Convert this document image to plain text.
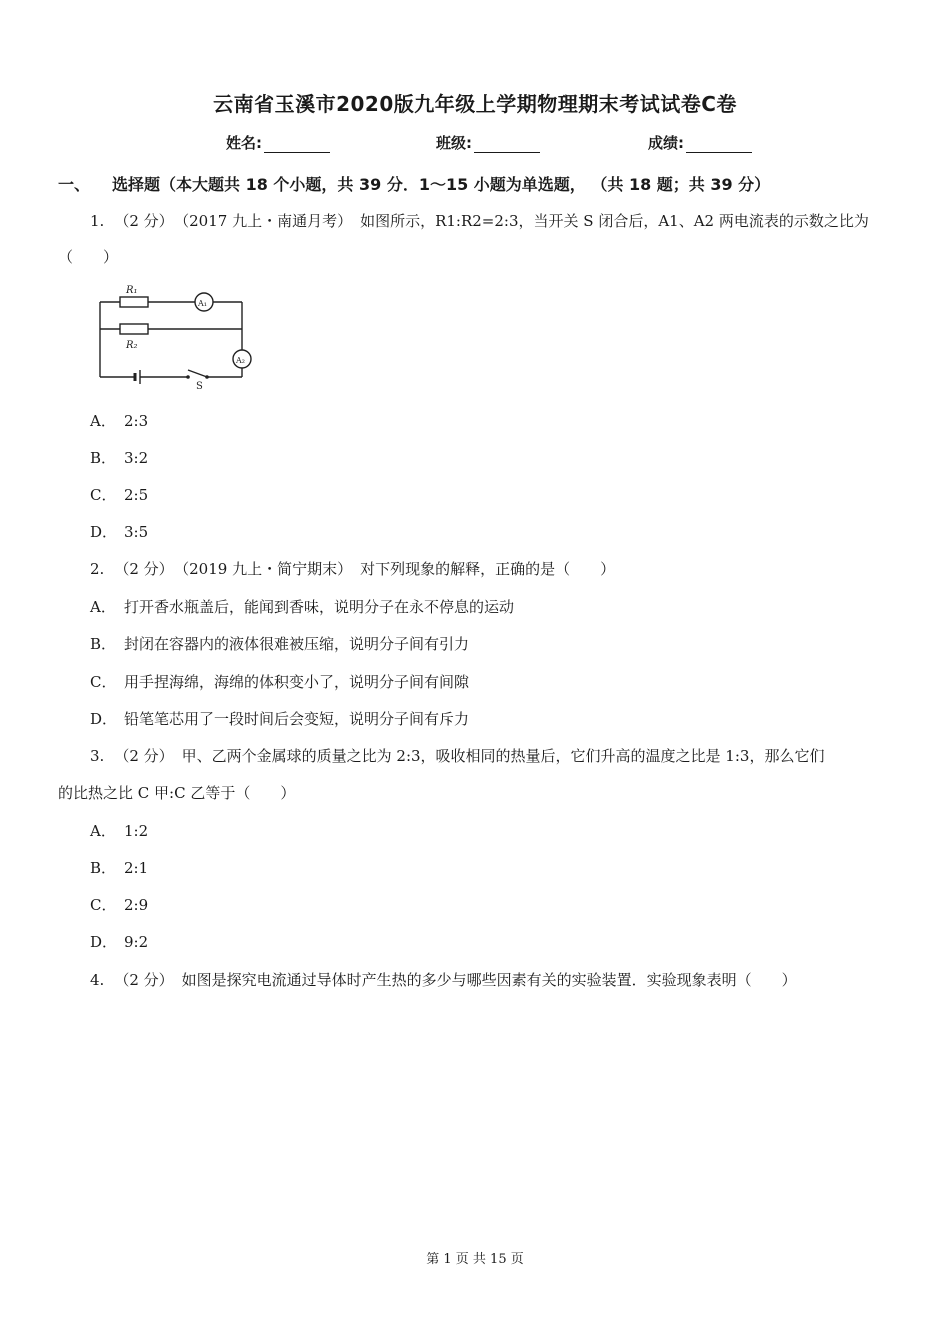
云南省玉溪市2020版九年级上学期物理期末考试试卷C卷
姓名:	班级:	成绩:
一、 选择题（本大题共 18 个小题，共 39 分．1～15 小题为单选题， （共 18 题；共 39 分）
1. （2 分） （2017 九上・南通月考） 如图所示，R1:R2=2:3，当开关 S 闭合后，A1、A2 两电流表的示数之比为
（　　）
R₁
R₂
A₁
A₂
S
A． 2:3
B． 3:2
C． 2:5
D． 3:5
2. （2 分） （2019 九上・简宁期末） 对下列现象的解释，正确的是（　　）
A． 打开香水瓶盖后，能闻到香味，说明分子在永不停息的运动
B． 封闭在容器内的液体很难被压缩，说明分子间有引力
C． 用手捏海绵，海绵的体积变小了，说明分子间有间隙
D． 铅笔笔芯用了一段时间后会变短，说明分子间有斥力
3. （2 分） 甲、乙两个金属球的质量之比为 2:3，吸收相同的热量后，它们升高的温度之比是 1:3，那么它们
的比热之比 C 甲:C 乙等于（　　）
A． 1:2
B． 2:1
C． 2:9
D． 9:2
4. （2 分） 如图是探究电流通过导体时产生热的多少与哪些因素有关的实验装置．实验现象表明（　　）
第 1 页 共 15 页
